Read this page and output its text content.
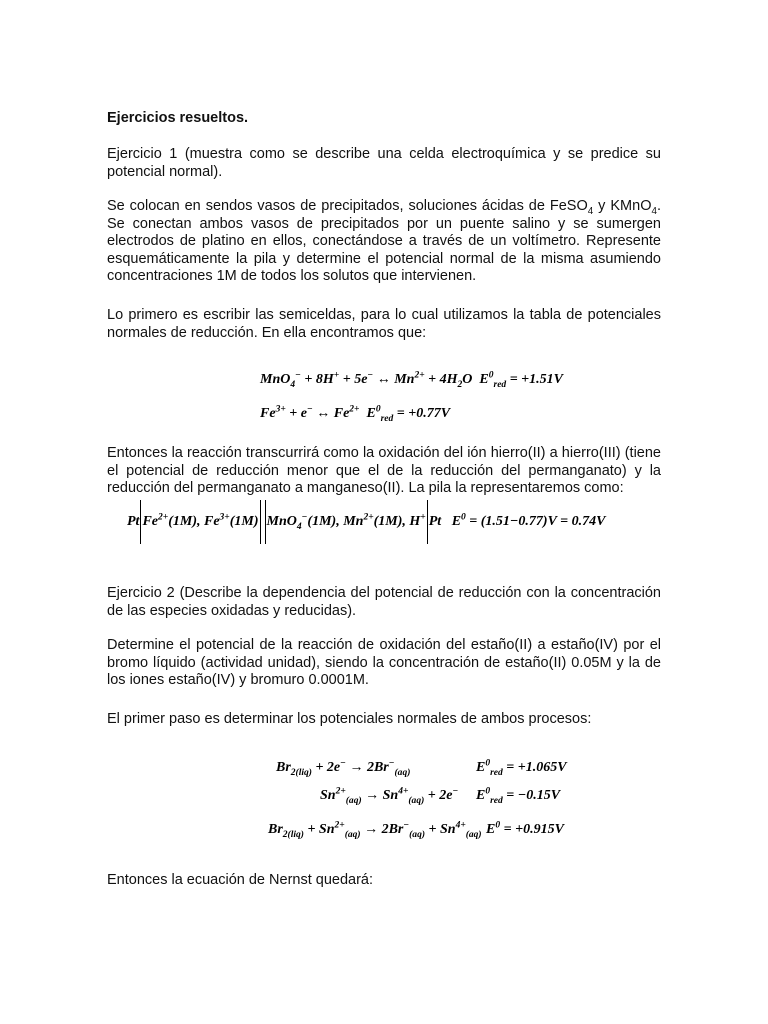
Ejercicios resueltos.

Ejercicio 1 (muestra como se describe una celda electroquímica y se predice su potencial normal).

Se colocan en sendos vasos de precipitados, soluciones ácidas de FeSO$_4$ y KMnO$_4$. Se conectan ambos vasos de precipitados por un puente salino y se sumergen electrodos de platino en ellos, conectándose a través de un voltímetro. Represente esquemáticamente la pila y determine el potencial normal de la misma asumiendo concentraciones 1M de todos los solutos que intervienen.

Lo primero es escribir las semiceldas, para lo cual utilizamos la tabla de potenciales normales de reducción. En ella encontramos que:

MnO$_4$− + 8H+ + 5e− ↔ $Mn^{2+} + 4H_2O$ $E^0_{red} = +1.51V$

$Fe^{3+} + e^-$ ↔ $Fe^{2+}$ $E^0_{red} = +0.77V$

Entonces la reacción transcurrirá como la oxidación del ión hierro(II) a hierro(III) (tiene el potencial de reducción menor que el de la reducción del permanganato) y la reducción del permanganato a manganeso(II). La pila la representaremos como:

Pt $Fe^{2+}(1M)$, $Fe^{3+}(1M)$ MnO$_4$−(1M), $Mn^{2+}(1M)$, H+ Pt $E^0 = (1.51-0.77)V = 0.74V$

Ejercicio 2 (Describe la dependencia del potencial de reducción con la concentración de las especies oxidadas y reducidas).

Determine el potencial de la reacción de oxidación del estaño(II) a estaño(IV) por el bromo líquido (actividad unidad), siendo la concentración de estaño(II) 0.05M y la de los iones estaño(IV) y bromuro 0.0001M.

El primer paso es determinar los potenciales normales de ambos procesos:

$Br_{2(liq)} + 2e^- \to 2Br^-_{(aq)}$	$E^0_{red} = +1.065V$

$Sn^{2+}_{(aq)} \to Sn^{4+}_{(aq)} + 2e^-$ $E^0_{red} = -0.15V$

$Br_{2(liq)} + Sn^{2+}_{(aq)} \to 2Br^-_{(aq)} + Sn^{4+}_{(aq)}$ $E^0 = +0.915V$

Entonces la ecuación de Nernst quedará:
